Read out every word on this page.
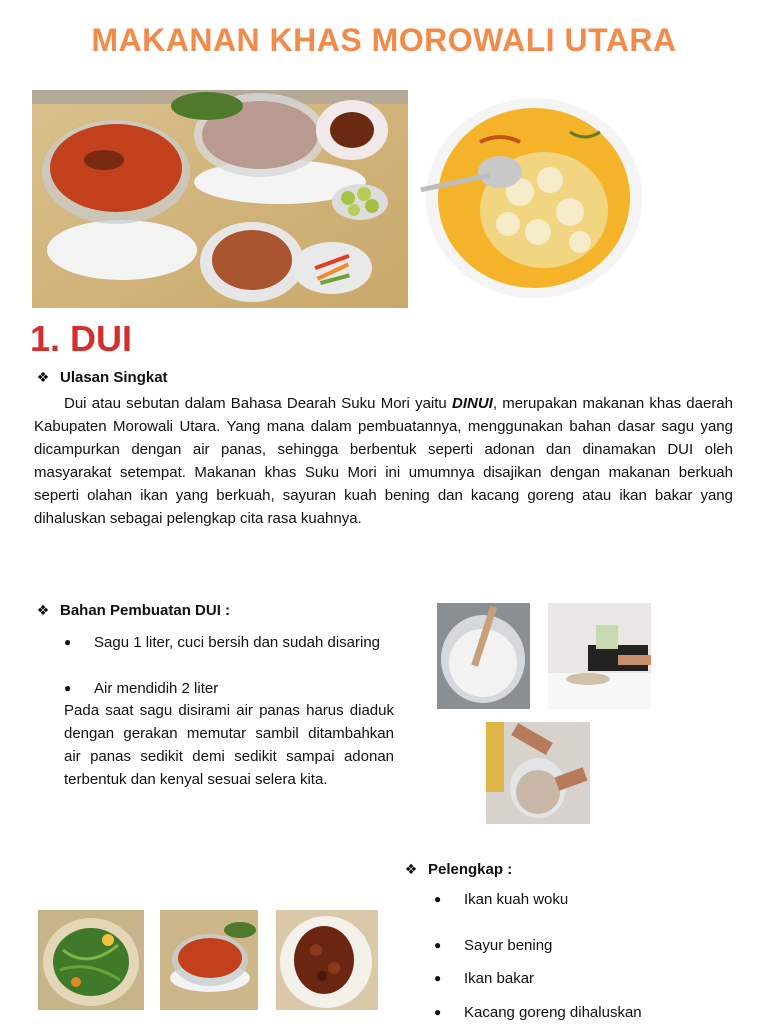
MAKANAN KHAS MOROWALI UTARA
1. DUI
❖ Ulasan Singkat
Dui atau sebutan dalam Bahasa Dearah Suku Mori yaitu DINUI, merupakan makanan khas daerah Kabupaten Morowali Utara. Yang mana dalam pembuatannya, menggunakan bahan dasar sagu yang dicampurkan dengan air panas, sehingga berbentuk seperti adonan dan dinamakan DUI oleh masyarakat setempat. Makanan khas Suku Mori ini umumnya disajikan dengan makanan berkuah seperti olahan ikan yang berkuah, sayuran kuah bening dan kacang goreng atau ikan bakar yang dihaluskan sebagai pelengkap cita rasa kuahnya.
❖ Bahan Pembuatan DUI :
●	Sagu 1 liter, cuci bersih dan sudah disaring
●	Air mendidih 2 liter
Pada saat sagu disirami air panas harus diaduk dengan gerakan memutar sambil ditambahkan air panas sedikit demi sedikit sampai adonan terbentuk dan kenyal sesuai selera kita.
❖ Pelengkap :
●	Ikan kuah woku
●	Sayur bening
●	Ikan bakar
●	Kacang goreng dihaluskan
